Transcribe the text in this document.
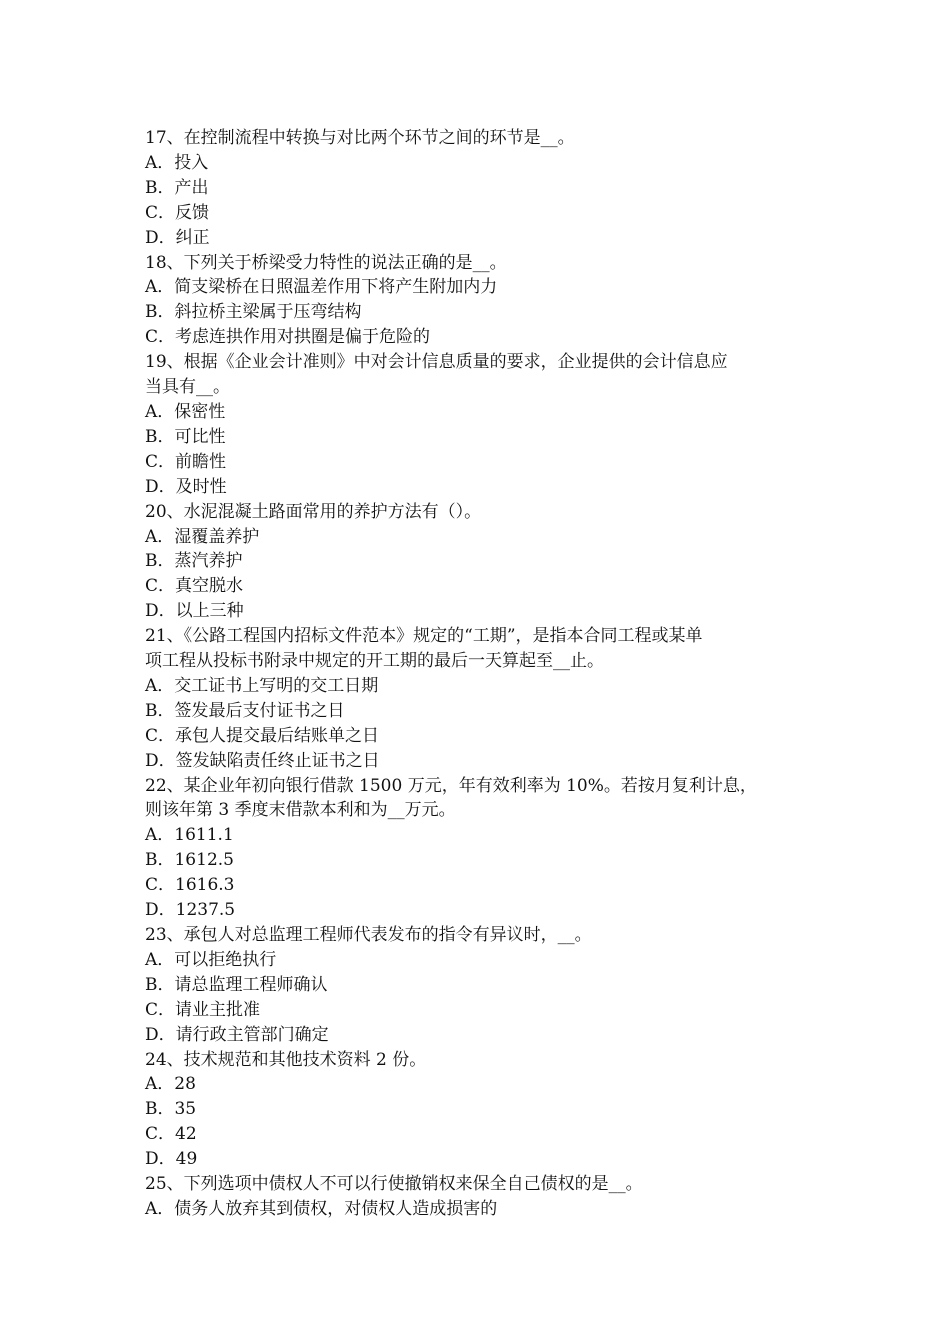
17、在控制流程中转换与对比两个环节之间的环节是__。

A．投入

B．产出

C．反馈

D．纠正

18、下列关于桥梁受力特性的说法正确的是__。

A．简支梁桥在日照温差作用下将产生附加内力

B．斜拉桥主梁属于压弯结构

C．考虑连拱作用对拱圈是偏于危险的

19、根据《企业会计准则》中对会计信息质量的要求，企业提供的会计信息应

当具有__。

A．保密性

B．可比性

C．前瞻性

D．及时性

20、水泥混凝土路面常用的养护方法有（）。

A．湿覆盖养护

B．蒸汽养护

C．真空脱水

D．以上三种

21、《公路工程国内招标文件范本》规定的“工期”，是指本合同工程或某单

项工程从投标书附录中规定的开工期的最后一天算起至__止。

A．交工证书上写明的交工日期

B．签发最后支付证书之日

C．承包人提交最后结账单之日

D．签发缺陷责任终止证书之日

22、某企业年初向银行借款 1500 万元，年有效利率为 10%。若按月复利计息，

则该年第 3 季度末借款本利和为__万元。

A．1611.1

B．1612.5

C．1616.3

D．1237.5

23、承包人对总监理工程师代表发布的指令有异议时，__。

A．可以拒绝执行

B．请总监理工程师确认

C．请业主批准

D．请行政主管部门确定

24、技术规范和其他技术资料 2 份。

A．28

B．35

C．42

D．49

25、下列选项中债权人不可以行使撤销权来保全自己债权的是__。

A．债务人放弃其到债权，对债权人造成损害的
